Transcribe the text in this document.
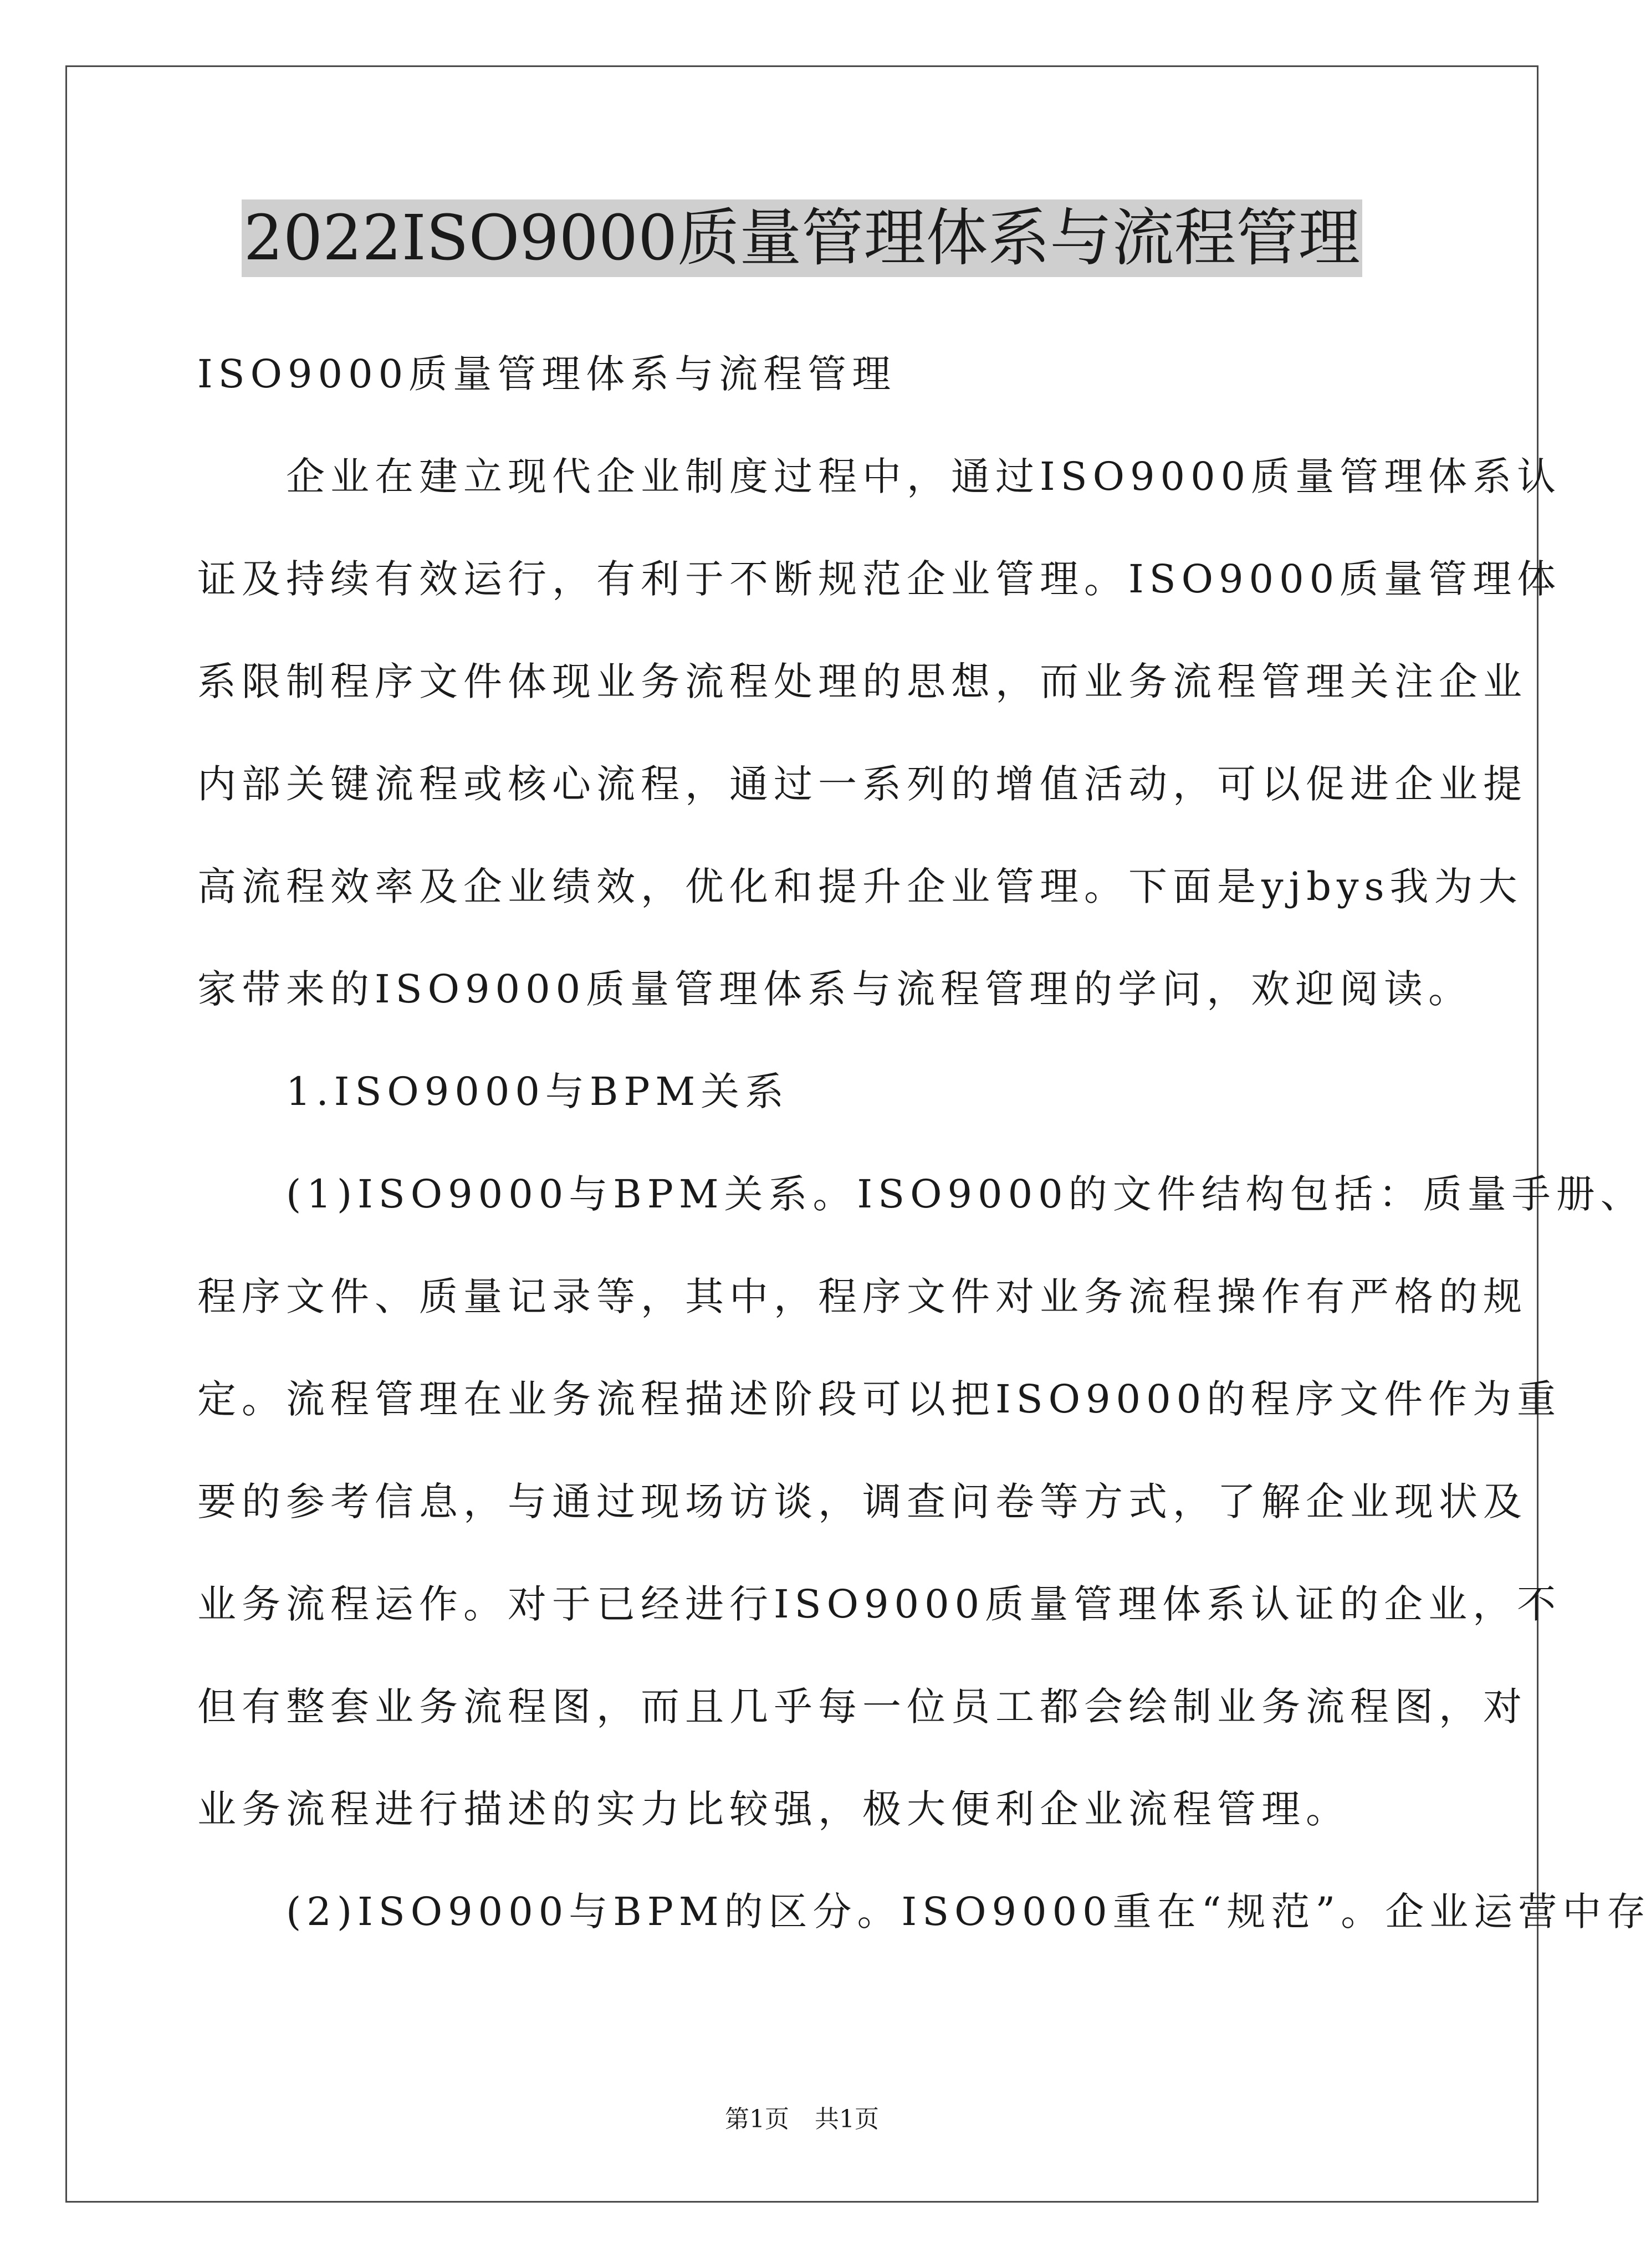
2022ISO9000质量管理体系与流程管理
ISO9000质量管理体系与流程管理
　　企业在建立现代企业制度过程中，通过ISO9000质量管理体系认
证及持续有效运行，有利于不断规范企业管理。ISO9000质量管理体
系限制程序文件体现业务流程处理的思想，而业务流程管理关注企业
内部关键流程或核心流程，通过一系列的增值活动，可以促进企业提
高流程效率及企业绩效，优化和提升企业管理。下面是yjbys我为大
家带来的ISO9000质量管理体系与流程管理的学问，欢迎阅读。
　　1.ISO9000与BPM关系
　　(1)ISO9000与BPM关系。ISO9000的文件结构包括：质量手册、
程序文件、质量记录等，其中，程序文件对业务流程操作有严格的规
定。流程管理在业务流程描述阶段可以把ISO9000的程序文件作为重
要的参考信息，与通过现场访谈，调查问卷等方式，了解企业现状及
业务流程运作。对于已经进行ISO9000质量管理体系认证的企业，不
但有整套业务流程图，而且几乎每一位员工都会绘制业务流程图，对
业务流程进行描述的实力比较强，极大便利企业流程管理。
　　(2)ISO9000与BPM的区分。ISO9000重在“规范”。企业运营中存
第1页 共1页
